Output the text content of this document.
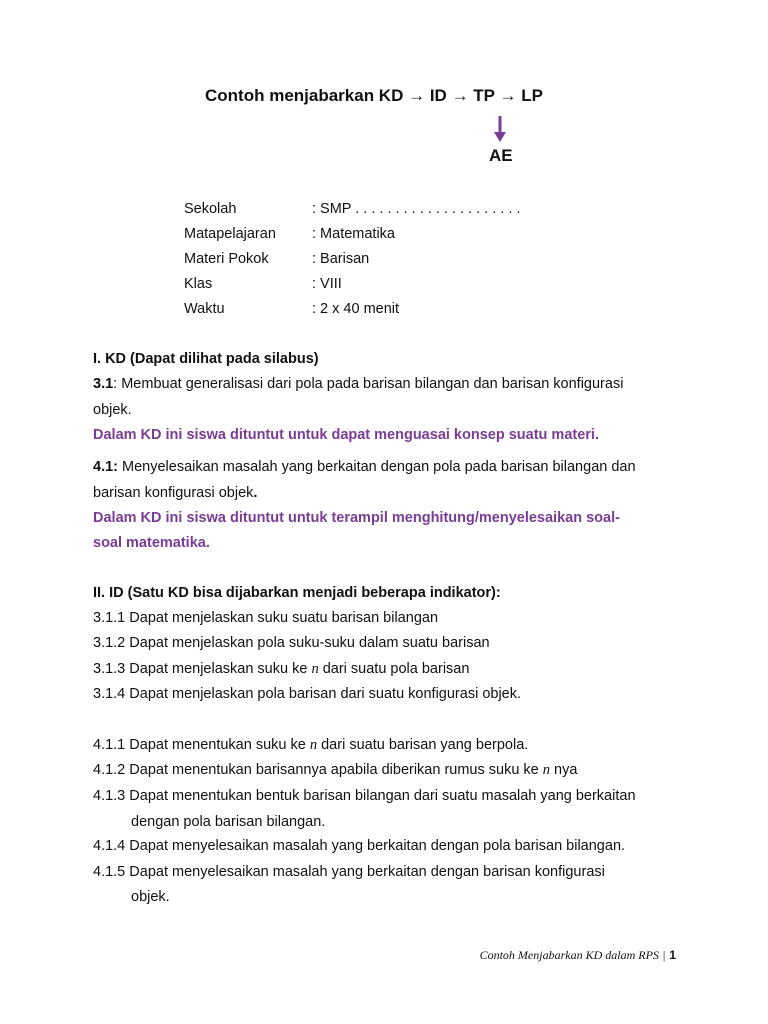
Contoh menjabarkan KD → ID → TP → LP
AE
Sekolah	: SMP . . . . . . . . . . . . . . . . . . . . .
Matapelajaran : Matematika
Materi Pokok	: Barisan
Klas	: VIII
Waktu	: 2 x 40 menit
I. KD (Dapat dilihat pada silabus)
3.1: Membuat generalisasi dari pola pada barisan bilangan dan barisan konfigurasi
objek.
Dalam KD ini siswa dituntut untuk dapat menguasai konsep suatu materi.
4.1: Menyelesaikan masalah yang berkaitan dengan pola pada barisan bilangan dan
barisan konfigurasi objek.
Dalam KD ini siswa dituntut untuk terampil menghitung/menyelesaikan soal-
soal matematika.
II. ID (Satu KD bisa dijabarkan menjadi beberapa indikator):
3.1.1 Dapat menjelaskan suku suatu barisan bilangan
3.1.2 Dapat menjelaskan pola suku-suku dalam suatu barisan
3.1.3 Dapat menjelaskan suku ke n dari suatu pola barisan
3.1.4 Dapat menjelaskan pola barisan dari suatu konfigurasi objek.
4.1.1 Dapat menentukan suku ke n dari suatu barisan yang berpola.
4.1.2 Dapat menentukan barisannya apabila diberikan rumus suku ke n nya
4.1.3 Dapat menentukan bentuk barisan bilangan dari suatu masalah yang berkaitan
dengan pola barisan bilangan.
4.1.4 Dapat menyelesaikan masalah yang berkaitan dengan pola barisan bilangan.
4.1.5 Dapat menyelesaikan masalah yang berkaitan dengan barisan konfigurasi
objek.
Contoh Menjabarkan KD dalam RPS | 1
